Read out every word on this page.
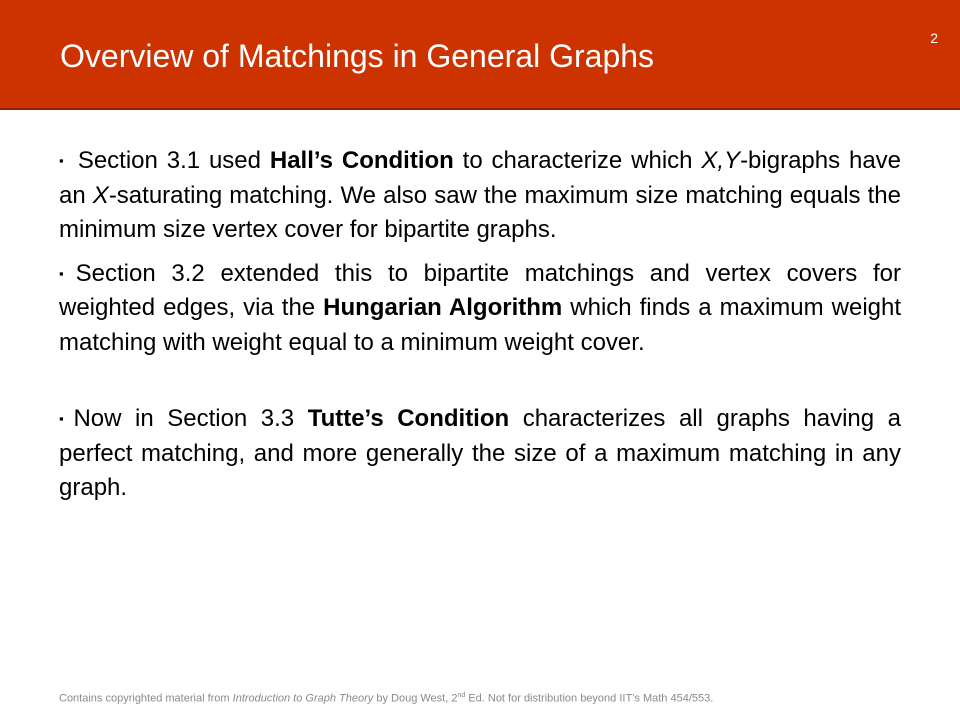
Overview of Matchings in General Graphs	2

▪ Section 3.1 used Hall’s Condition to characterize which X,Y-bigraphs have an X-saturating matching. We also saw the maximum size matching equals the minimum size vertex cover for bipartite graphs.

▪ Section 3.2 extended this to bipartite matchings and vertex covers for weighted edges, via the Hungarian Algorithm which finds a maximum weight matching with weight equal to a minimum weight cover.

▪ Now in Section 3.3 Tutte’s Condition characterizes all graphs having a perfect matching, and more generally the size of a maximum matching in any graph.

Contains copyrighted material from Introduction to Graph Theory by Doug West, 2nd Ed. Not for distribution beyond IIT’s Math 454/553.
